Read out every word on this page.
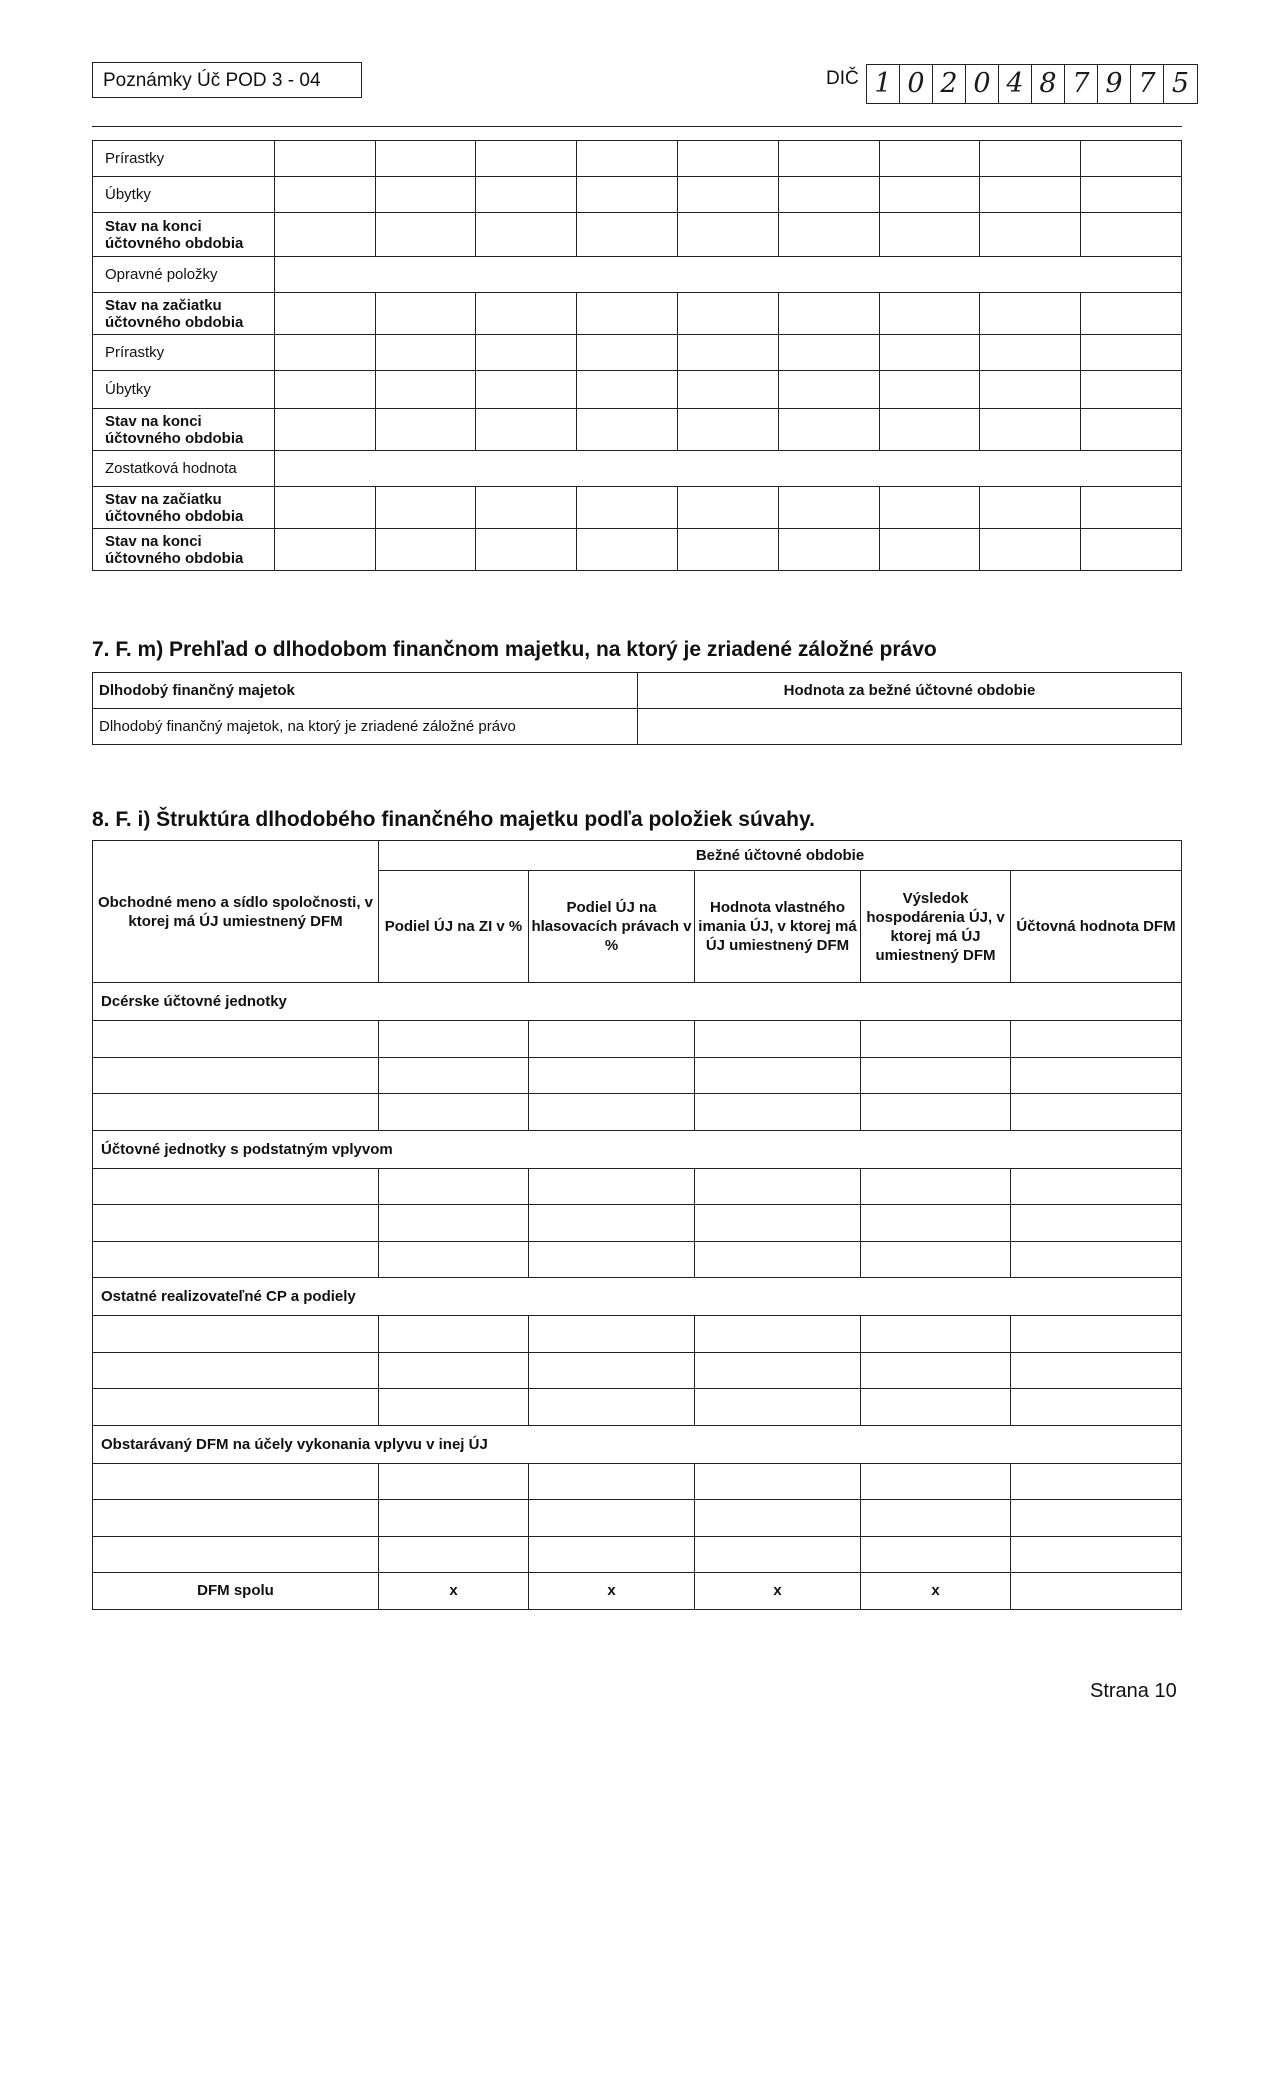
Poznámky Úč POD 3 - 04	DIČ 1 0 2 0 4 8 7 9 7 5
Prírastky									
Úbytky									
Stav na konci účtovného obdobia									
Opravné položky									
Stav na začiatku účtovného obdobia									
Prírastky									
Úbytky									
Stav na konci účtovného obdobia									
Zostatková hodnota									
Stav na začiatku účtovného obdobia									
Stav na konci účtovného obdobia									
7. F. m) Prehľad o dlhodobom finančnom majetku, na ktorý je zriadené záložné právo
Dlhodobý finančný majetok	Hodnota za bežné účtovné obdobie
Dlhodobý finančný majetok, na ktorý je zriadené záložné právo	
8. F. i) Štruktúra dlhodobého finančného majetku podľa položiek súvahy.
Obchodné meno a sídlo spoločnosti, v ktorej má ÚJ umiestnený DFM	Bežné účtovné obdobie				
	Podiel ÚJ na ZI v %	Podiel ÚJ na hlasovacích právach v %	Hodnota vlastného imania ÚJ, v ktorej má ÚJ umiestnený DFM	Výsledok hospodárenia ÚJ, v ktorej má ÚJ umiestnený DFM	Účtovná hodnota DFM
Dcérske účtovné jednotky					

Účtovné jednotky s podstatným vplyvom					

Ostatné realizovateľné CP a podiely					

Obstarávaný DFM na účely vykonania vplyvu v inej ÚJ					

DFM spolu	x	x	x	x	
Strana 10
